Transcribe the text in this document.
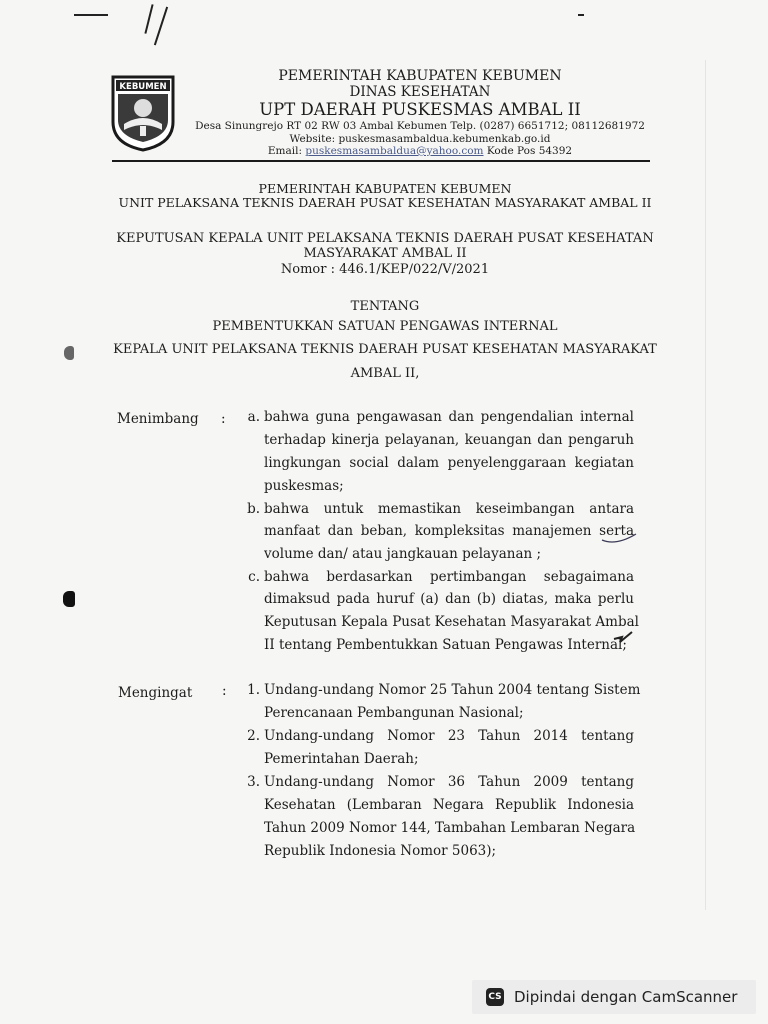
KEBUMEN
PEMERINTAH KABUPATEN KEBUMEN
DINAS KESEHATAN
UPT DAERAH PUSKESMAS AMBAL II
Desa Sinungrejo RT 02 RW 03 Ambal Kebumen Telp. (0287) 6651712; 08112681972
Website: puskesmasambaldua.kebumenkab.go.id
Email: puskesmasambaldua@yahoo.com Kode Pos 54392
PEMERINTAH KABUPATEN KEBUMEN
UNIT PELAKSANA TEKNIS DAERAH PUSAT KESEHATAN MASYARAKAT AMBAL II
KEPUTUSAN KEPALA UNIT PELAKSANA TEKNIS DAERAH PUSAT KESEHATAN
MASYARAKAT AMBAL II
Nomor : 446.1/KEP/022/V/2021
TENTANG
PEMBENTUKKAN SATUAN PENGAWAS INTERNAL
KEPALA UNIT PELAKSANA TEKNIS DAERAH PUSAT KESEHATAN MASYARAKAT
AMBAL II,
Menimbang :	a. bahwa guna pengawasan dan pengendalian internal
terhadap kinerja pelayanan, keuangan dan pengaruh
lingkungan social dalam penyelenggaraan kegiatan
puskesmas;
b. bahwa untuk memastikan keseimbangan antara
manfaat dan beban, kompleksitas manajemen serta
volume dan/ atau jangkauan pelayanan ;
c. bahwa berdasarkan pertimbangan sebagaimana
dimaksud pada huruf (a) dan (b) diatas, maka perlu
Keputusan Kepala Pusat Kesehatan Masyarakat Ambal
II tentang Pembentukkan Satuan Pengawas Internal;
Mengingat :	1. Undang-undang Nomor 25 Tahun 2004 tentang Sistem
Perencanaan Pembangunan Nasional;
2. Undang-undang Nomor 23 Tahun 2014 tentang
Pemerintahan Daerah;
3. Undang-undang Nomor 36 Tahun 2009 tentang
Kesehatan (Lembaran Negara Republik Indonesia
Tahun 2009 Nomor 144, Tambahan Lembaran Negara
Republik Indonesia Nomor 5063);
CS Dipindai dengan CamScanner
